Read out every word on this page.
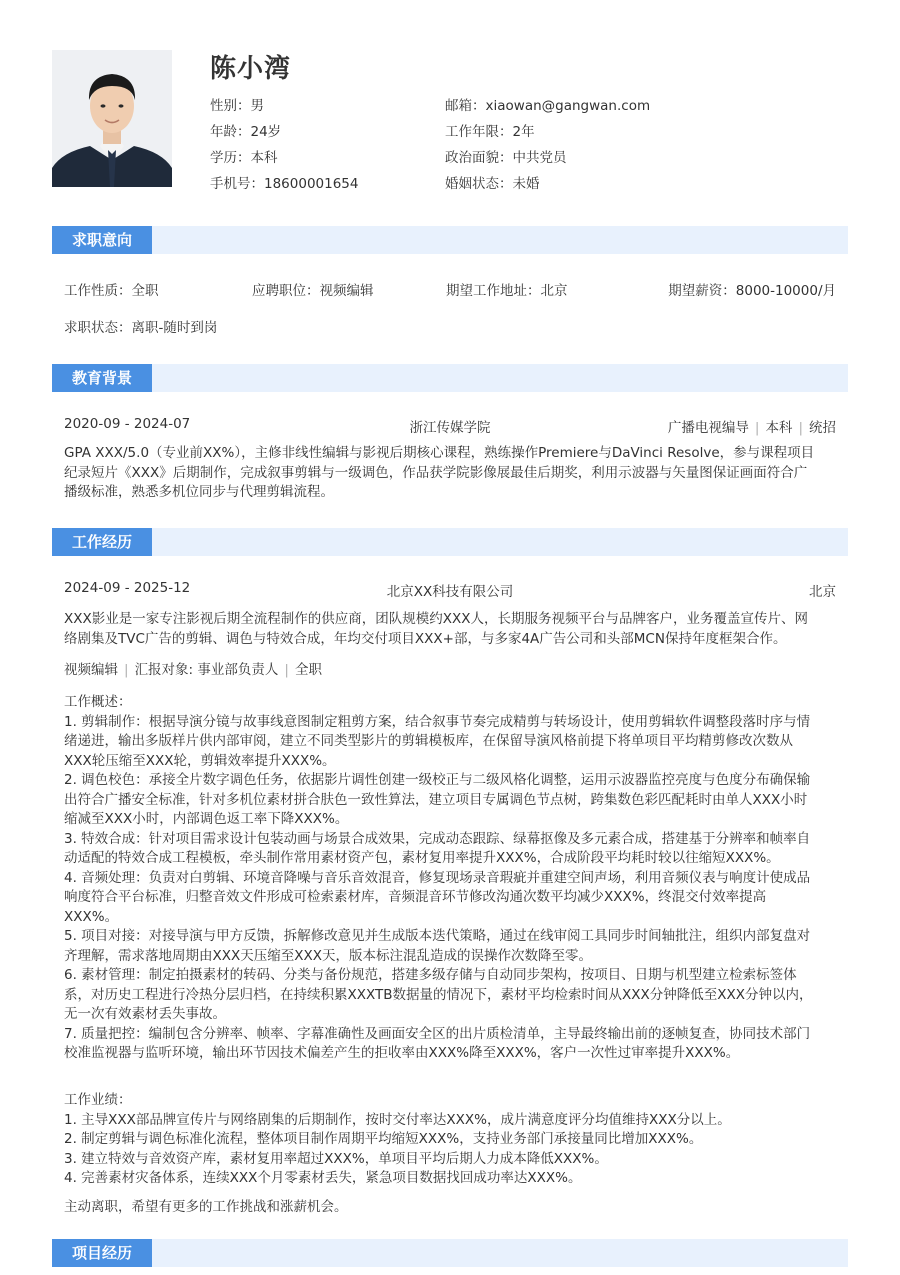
陈小湾
性别：男
年龄：24岁
学历：本科
手机号：18600001654
邮箱：xiaowan@gangwan.com
工作年限：2年
政治面貌：中共党员
婚姻状态：未婚
求职意向
工作性质：全职	应聘职位：视频编辑	期望工作地址：北京	期望薪资：8000-10000/月
求职状态：离职-随时到岗
教育背景
2020-09 - 2024-07	浙江传媒学院	广播电视编导 | 本科 | 统招
GPA XXX/5.0（专业前XX%），主修非线性编辑与影视后期核心课程，熟练操作Premiere与DaVinci Resolve，参与课程项目
纪录短片《XXX》后期制作，完成叙事剪辑与一级调色，作品获学院影像展最佳后期奖，利用示波器与矢量图保证画面符合广
播级标准，熟悉多机位同步与代理剪辑流程。
工作经历
2024-09 - 2025-12	北京XX科技有限公司	北京
XXX影业是一家专注影视后期全流程制作的供应商，团队规模约XXX人，长期服务视频平台与品牌客户，业务覆盖宣传片、网
络剧集及TVC广告的剪辑、调色与特效合成，年均交付项目XXX+部，与多家4A广告公司和头部MCN保持年度框架合作。
视频编辑 | 汇报对象: 事业部负责人 | 全职
工作概述：
1. 剪辑制作：根据导演分镜与故事线意图制定粗剪方案，结合叙事节奏完成精剪与转场设计，使用剪辑软件调整段落时序与情
绪递进，输出多版样片供内部审阅，建立不同类型影片的剪辑模板库，在保留导演风格前提下将单项目平均精剪修改次数从
XXX轮压缩至XXX轮，剪辑效率提升XXX%。
2. 调色校色：承接全片数字调色任务，依据影片调性创建一级校正与二级风格化调整，运用示波器监控亮度与色度分布确保输
出符合广播安全标准，针对多机位素材拼合肤色一致性算法，建立项目专属调色节点树，跨集数色彩匹配耗时由单人XXX小时
缩减至XXX小时，内部调色返工率下降XXX%。
3. 特效合成：针对项目需求设计包装动画与场景合成效果，完成动态跟踪、绿幕抠像及多元素合成，搭建基于分辨率和帧率自
动适配的特效合成工程模板，牵头制作常用素材资产包，素材复用率提升XXX%，合成阶段平均耗时较以往缩短XXX%。
4. 音频处理：负责对白剪辑、环境音降噪与音乐音效混音，修复现场录音瑕疵并重建空间声场，利用音频仪表与响度计使成品
响度符合平台标准，归整音效文件形成可检索素材库，音频混音环节修改沟通次数平均减少XXX%，终混交付效率提高
XXX%。
5. 项目对接：对接导演与甲方反馈，拆解修改意见并生成版本迭代策略，通过在线审阅工具同步时间轴批注，组织内部复盘对
齐理解，需求落地周期由XXX天压缩至XXX天，版本标注混乱造成的误操作次数降至零。
6. 素材管理：制定拍摄素材的转码、分类与备份规范，搭建多级存储与自动同步架构，按项目、日期与机型建立检索标签体
系，对历史工程进行冷热分层归档，在持续积累XXXTB数据量的情况下，素材平均检索时间从XXX分钟降低至XXX分钟以内，
无一次有效素材丢失事故。
7. 质量把控：编制包含分辨率、帧率、字幕准确性及画面安全区的出片质检清单，主导最终输出前的逐帧复查，协同技术部门
校准监视器与监听环境，输出环节因技术偏差产生的拒收率由XXX%降至XXX%，客户一次性过审率提升XXX%。
工作业绩：
1. 主导XXX部品牌宣传片与网络剧集的后期制作，按时交付率达XXX%，成片满意度评分均值维持XXX分以上。
2. 制定剪辑与调色标准化流程，整体项目制作周期平均缩短XXX%，支持业务部门承接量同比增加XXX%。
3. 建立特效与音效资产库，素材复用率超过XXX%，单项目平均后期人力成本降低XXX%。
4. 完善素材灾备体系，连续XXX个月零素材丢失，紧急项目数据找回成功率达XXX%。
主动离职，希望有更多的工作挑战和涨薪机会。
项目经历
